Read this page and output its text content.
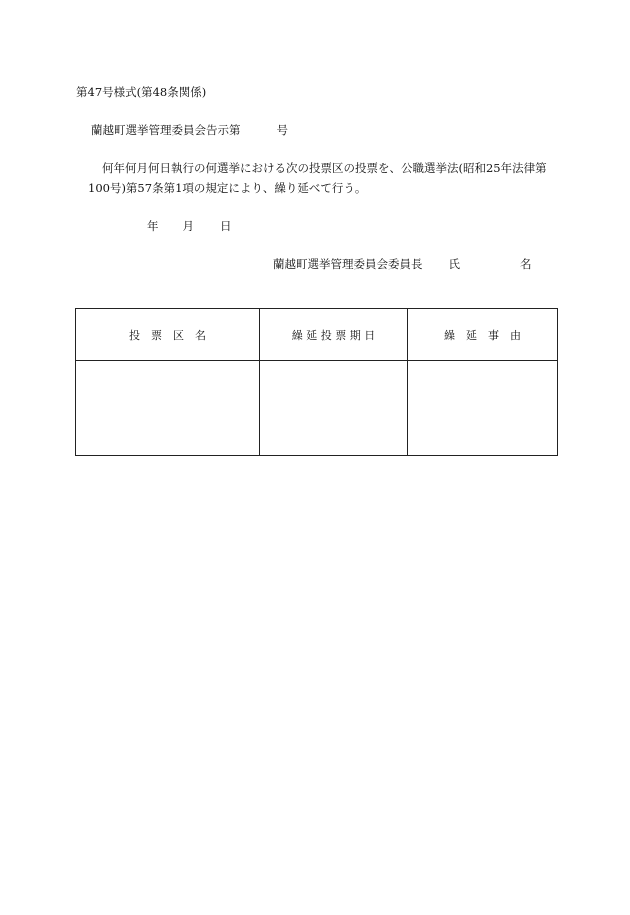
第47号様式(第48条関係)
蘭越町選挙管理委員会告示第	号
何年何月何日執行の何選挙における次の投票区の投票を、公職選挙法(昭和25年法律第
100号)第57条第1項の規定により、繰り延べて行う。
年 月 日
蘭越町選挙管理委員会委員長 氏	名
投　票　区　名	繰 延 投 票 期 日	繰　延　事　由
